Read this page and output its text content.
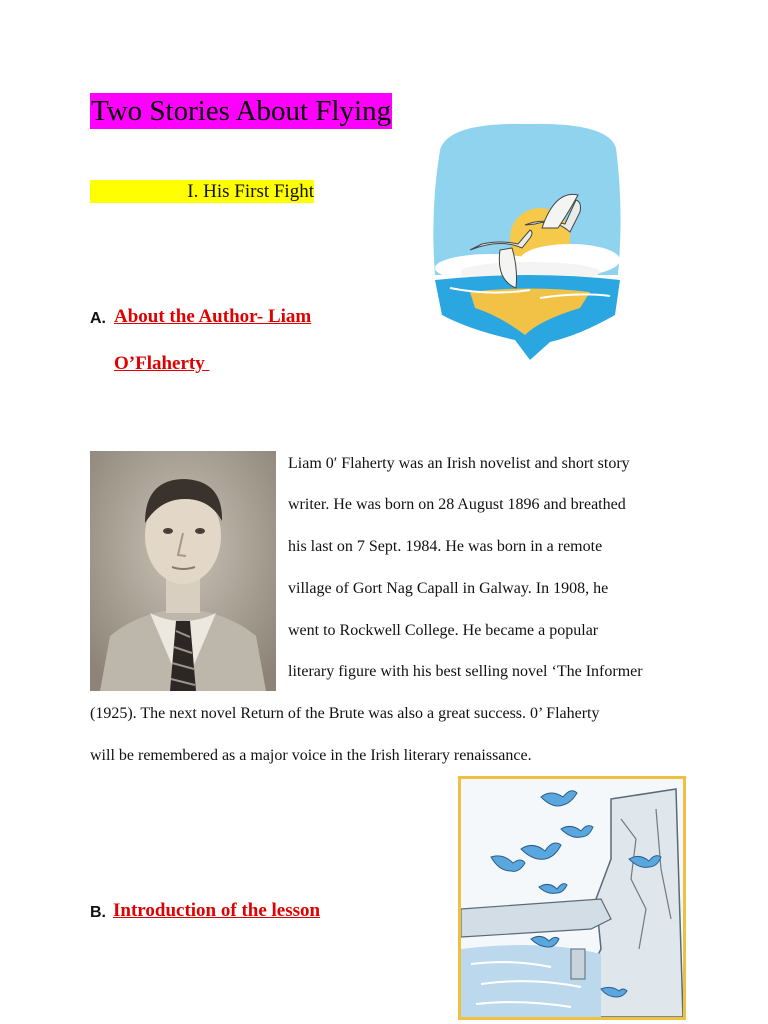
Two Stories About Flying
I. His First Fight
A. About the Author- Liam
O’Flaherty
Liam 0′ Flaherty was an Irish novelist and short story
writer. He was born on 28 August 1896 and breathed
his last on 7 Sept. 1984. He was born in a remote
village of Gort Nag Capall in Galway. In 1908, he
went to Rockwell College. He became a popular
literary figure with his best selling novel ‘The Informer
(1925). The next novel Return of the Brute was also a great success. 0’ Flaherty
will be remembered as a major voice in the Irish literary renaissance.
B. Introduction of the lesson
